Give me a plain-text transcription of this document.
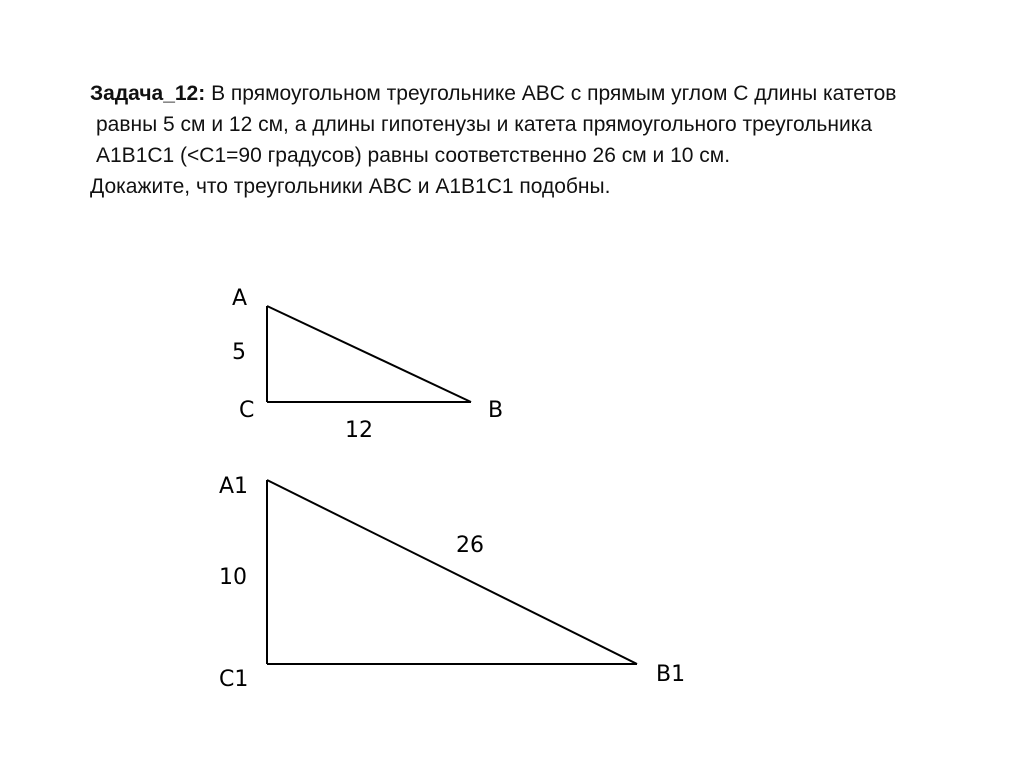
Задача_12: В прямоугольном треугольнике ABC с прямым углом C длины катетов
равны 5 см и 12 см, а длины гипотенузы и катета прямоугольного треугольника
A1B1C1 (<C1=90 градусов) равны соответственно 26 см и 10 см.
Докажите, что треугольники ABC и A1B1C1 подобны.
A
5
C	B
12
A1
10
C1	B1
26
